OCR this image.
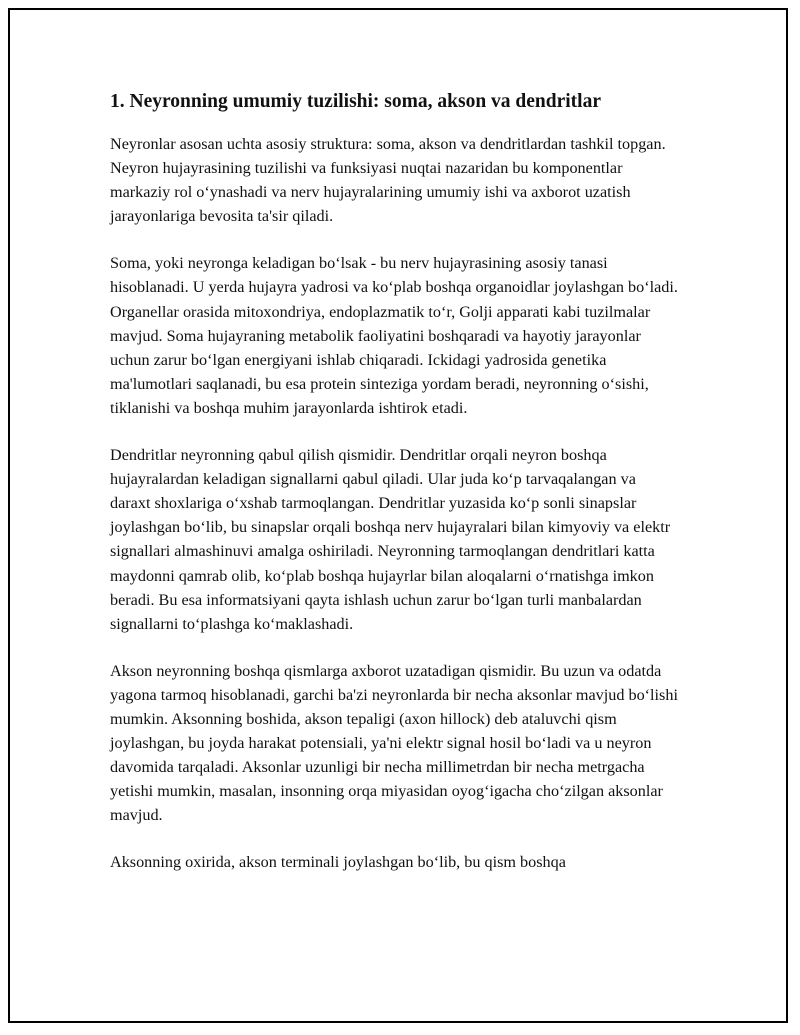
1. Neyronning umumiy tuzilishi: soma, akson va dendritlar

Neyronlar asosan uchta asosiy struktura: soma, akson va dendritlardan tashkil topgan. Neyron hujayrasining tuzilishi va funksiyasi nuqtai nazaridan bu komponentlar markaziy rol oʻynashadi va nerv hujayralarining umumiy ishi va axborot uzatish jarayonlariga bevosita ta'sir qiladi.

Soma, yoki neyronga keladigan boʻlsak - bu nerv hujayrasining asosiy tanasi hisoblanadi. U yerda hujayra yadrosi va koʻplab boshqa organoidlar joylashgan boʻladi. Organellar orasida mitoxondriya, endoplazmatik toʻr, Golji apparati kabi tuzilmalar mavjud. Soma hujayraning metabolik faoliyatini boshqaradi va hayotiy jarayonlar uchun zarur boʻlgan energiyani ishlab chiqaradi. Ickidagi yadrosida genetika ma'lumotlari saqlanadi, bu esa protein sinteziga yordam beradi, neyronning oʻsishi, tiklanishi va boshqa muhim jarayonlarda ishtirok etadi.

Dendritlar neyronning qabul qilish qismidir. Dendritlar orqali neyron boshqa hujayralardan keladigan signallarni qabul qiladi. Ular juda koʻp tarvaqalangan va daraxt shoxlariga oʻxshab tarmoqlangan. Dendritlar yuzasida koʻp sonli sinapslar joylashgan boʻlib, bu sinapslar orqali boshqa nerv hujayralari bilan kimyoviy va elektr signallari almashinuvi amalga oshiriladi. Neyronning tarmoqlangan dendritlari katta maydonni qamrab olib, koʻplab boshqa hujayrlar bilan aloqalarni oʻrnatishga imkon beradi. Bu esa informatsiyani qayta ishlash uchun zarur boʻlgan turli manbalardan signallarni toʻplashga koʻmaklashadi.

Akson neyronning boshqa qismlarga axborot uzatadigan qismidir. Bu uzun va odatda yagona tarmoq hisoblanadi, garchi ba'zi neyronlarda bir necha aksonlar mavjud boʻlishi mumkin. Aksonning boshida, akson tepaligi (axon hillock) deb ataluvchi qism joylashgan, bu joyda harakat potensiali, ya'ni elektr signal hosil boʻladi va u neyron davomida tarqaladi. Aksonlar uzunligi bir necha millimetrdan bir necha metrgacha yetishi mumkin, masalan, insonning orqa miyasidan oyogʻigacha choʻzilgan aksonlar mavjud.

Aksonning oxirida, akson terminali joylashgan boʻlib, bu qism boshqa
